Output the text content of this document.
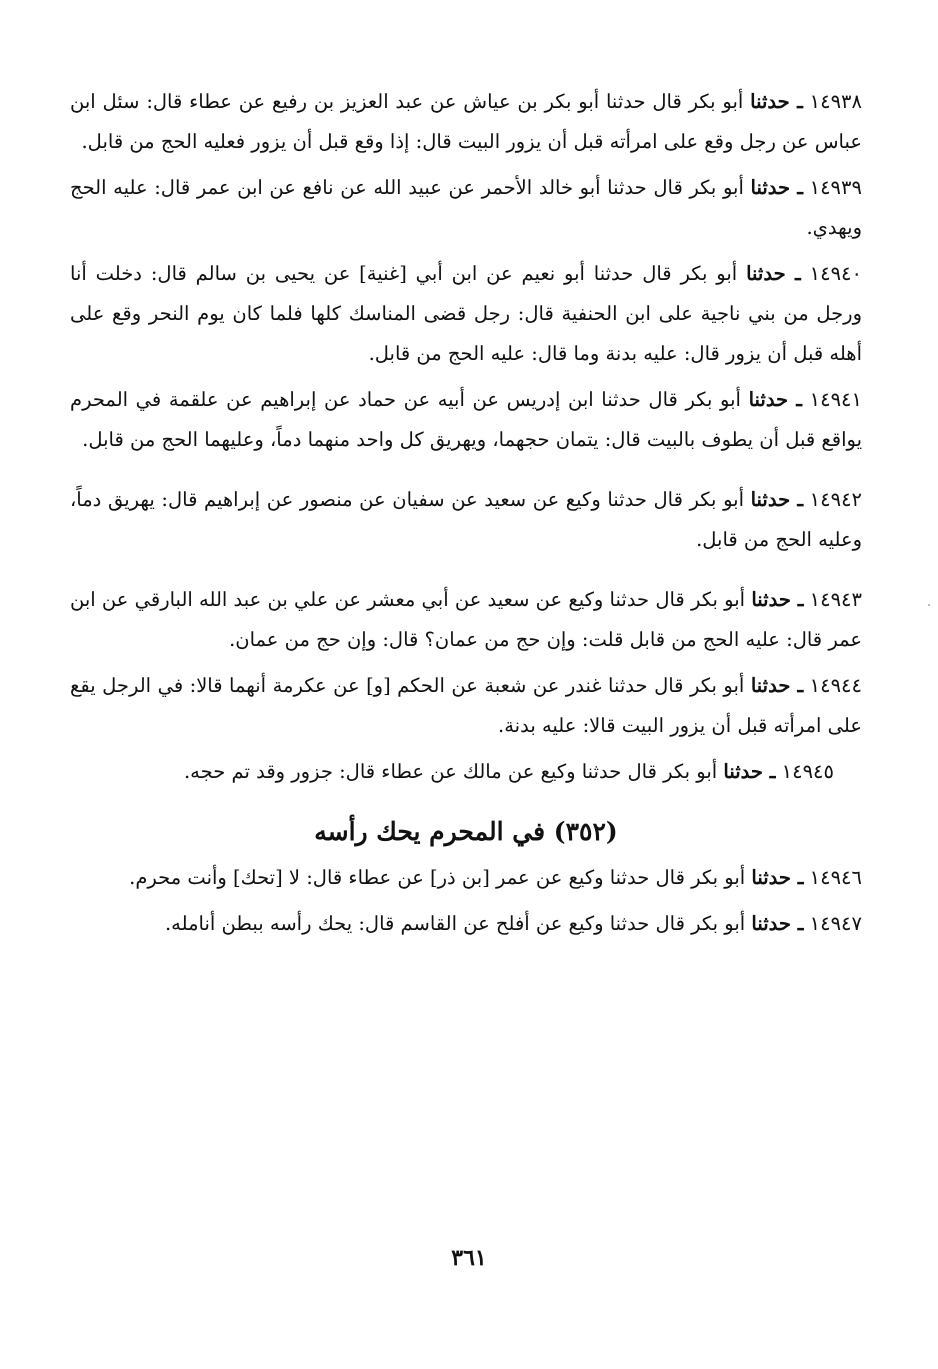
١٤٩٣٨ ـ حدثنا أبو بكر قال حدثنا أبو بكر بن عياش عن عبد العزيز بن رفيع عن عطاء قال: سئل ابن عباس عن رجل وقع على امرأته قبل أن يزور البيت قال: إذا وقع قبل أن يزور فعليه الحج من قابل.

١٤٩٣٩ ـ حدثنا أبو بكر قال حدثنا أبو خالد الأحمر عن عبيد الله عن نافع عن ابن عمر قال: عليه الحج ويهدي.

١٤٩٤٠ ـ حدثنا أبو بكر قال حدثنا أبو نعيم عن ابن أبي [غنية] عن يحيى بن سالم قال: دخلت أنا ورجل من بني ناجية على ابن الحنفية قال: رجل قضى المناسك كلها فلما كان يوم النحر وقع على أهله قبل أن يزور قال: عليه بدنة وما قال: عليه الحج من قابل.

١٤٩٤١ ـ حدثنا أبو بكر قال حدثنا ابن إدريس عن أبيه عن حماد عن إبراهيم عن علقمة في المحرم يواقع قبل أن يطوف بالبيت قال: يتمان حجهما، ويهريق كل واحد منهما دماً، وعليهما الحج من قابل.

١٤٩٤٢ ـ حدثنا أبو بكر قال حدثنا وكيع عن سعيد عن سفيان عن منصور عن إبراهيم قال: يهريق دماً، وعليه الحج من قابل.

١٤٩٤٣ ـ حدثنا أبو بكر قال حدثنا وكيع عن سعيد عن أبي معشر عن علي بن عبد الله البارقي عن ابن عمر قال: عليه الحج من قابل قلت: وإن حج من عمان؟ قال: وإن حج من عمان.

١٤٩٤٤ ـ حدثنا أبو بكر قال حدثنا غندر عن شعبة عن الحكم [و] عن عكرمة أنهما قالا: في الرجل يقع على امرأته قبل أن يزور البيت قالا: عليه بدنة.

١٤٩٤٥ ـ حدثنا أبو بكر قال حدثنا وكيع عن مالك عن عطاء قال: جزور وقد تم حجه.

(٣٥٢) في المحرم يحك رأسه

١٤٩٤٦ ـ حدثنا أبو بكر قال حدثنا وكيع عن عمر [بن ذر] عن عطاء قال: لا [تحك] وأنت محرم.

١٤٩٤٧ ـ حدثنا أبو بكر قال حدثنا وكيع عن أفلح عن القاسم قال: يحك رأسه ببطن أنامله.

٣٦١
